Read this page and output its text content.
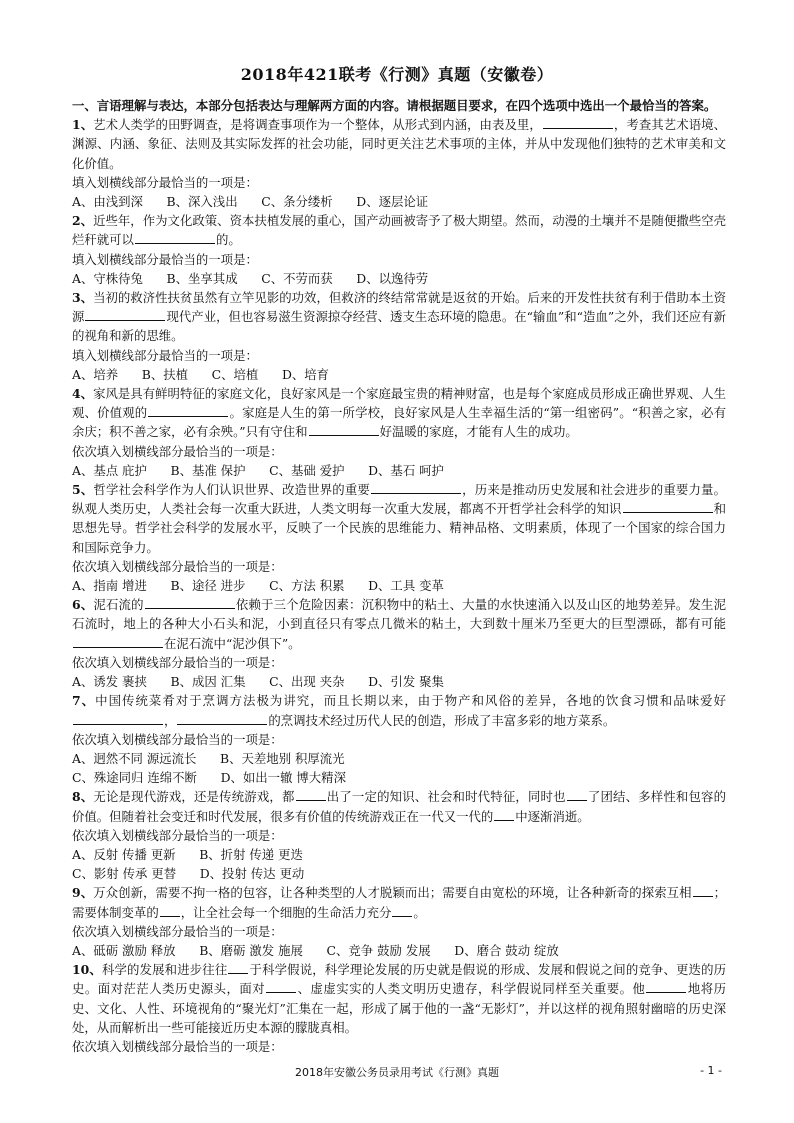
2018年421联考《行测》真题（安徽卷）

一、言语理解与表达，本部分包括表达与理解两方面的内容。请根据题目要求，在四个选项中选出一个最恰当的答案。

1、艺术人类学的田野调查，是将调查事项作为一个整体，从形式到内涵，由表及里，	，考查其艺术语境、渊源、内涵、象征、法则及其实际发挥的社会功能，同时更关注艺术事项的主体，并从中发现他们独特的艺术审美和文化价值。

填入划横线部分最恰当的一项是：

A、由浅到深      B、深入浅出      C、条分缕析      D、逐层论证

2、近些年，作为文化政策、资本扶植发展的重心，国产动画被寄予了极大期望。然而，动漫的土壤并不是随便撒些空壳烂秆就可以	的。

填入划横线部分最恰当的一项是：

A、守株待兔      B、坐享其成      C、不劳而获      D、以逸待劳

3、当初的救济性扶贫虽然有立竿见影的功效，但救济的终结常常就是返贫的开始。后来的开发性扶贫有利于借助本土资源	现代产业，但也容易滋生资源掠夺经营、透支生态环境的隐患。在“输血”和“造血”之外，我们还应有新的视角和新的思维。

填入划横线部分最恰当的一项是：

A、培养      B、扶植      C、培植      D、培育

4、家风是具有鲜明特征的家庭文化，良好家风是一个家庭最宝贵的精神财富，也是每个家庭成员形成正确世界观、人生观、价值观的	。家庭是人生的第一所学校，良好家风是人生幸福生活的“第一组密码”。“积善之家，必有余庆；积不善之家，必有余殃。”只有守住和	好温暖的家庭，才能有人生的成功。

依次填入划横线部分最恰当的一项是：

A、基点 庇护      B、基准 保护      C、基础 爱护      D、基石 呵护

5、哲学社会科学作为人们认识世界、改造世界的重要	，历来是推动历史发展和社会进步的重要力量。纵观人类历史，人类社会每一次重大跃进，人类文明每一次重大发展，都离不开哲学社会科学的知识	和思想先导。哲学社会科学的发展水平，反映了一个民族的思维能力、精神品格、文明素质，体现了一个国家的综合国力和国际竞争力。

依次填入划横线部分最恰当的一项是：

A、指南 增进      B、途径 进步      C、方法 积累      D、工具 变革

6、泥石流的	依赖于三个危险因素：沉积物中的粘土、大量的水快速涌入以及山区的地势差异。发生泥石流时，地上的各种大小石头和泥，小到直径只有零点几微米的粘土，大到数十厘米乃至更大的巨型漂砾，都有可能在泥石流中“泥沙俱下”。

依次填入划横线部分最恰当的一项是：

A、诱发 裹挟      B、成因 汇集      C、出现 夹杂      D、引发 聚集

7、中国传统菜肴对于烹调方法极为讲究，而且长期以来，由于物产和风俗的差异，各地的饮食习惯和品味爱好，	的烹调技术经过历代人民的创造，形成了丰富多彩的地方菜系。

依次填入划横线部分最恰当的一项是：

A、迥然不同 源远流长      B、天差地别 积厚流光

C、殊途同归 连绵不断      D、如出一辙 博大精深

8、无论是现代游戏，还是传统游戏，都	出了一定的知识、社会和时代特征，同时也 了团结、多样性和包容的价值。但随着社会变迁和时代发展，很多有价值的传统游戏正在一代又一代的 中逐渐消逝。

依次填入划横线部分最恰当的一项是：

A、反射 传播 更新      B、折射 传递 更迭

C、影射 传承 更替      D、投射 传达 更动

9、万众创新，需要不拘一格的包容，让各种类型的人才脱颖而出；需要自由宽松的环境，让各种新奇的探索互相 ；需要体制变革的 ，让全社会每一个细胞的生命活力充分 。

依次填入划横线部分最恰当的一项是：

A、砥砺 激励 释放      B、磨砺 激发 施展      C、竞争 鼓励 发展      D、磨合 鼓动 绽放

10、科学的发展和进步往往 于科学假说，科学理论发展的历史就是假说的形成、发展和假说之间的竞争、更迭的历史。面对茫茫人类历史源头，面对	、虚虚实实的人类文明历史遗存，科学假说同样至关重要。他	地将历史、文化、人性、环境视角的“聚光灯”汇集在一起，形成了属于他的一盏“无影灯”，并以这样的视角照射幽暗的历史深处，从而解析出一些可能接近历史本源的朦胧真相。

依次填入划横线部分最恰当的一项是：

2018年安徽公务员录用考试《行测》真题	- 1 -
